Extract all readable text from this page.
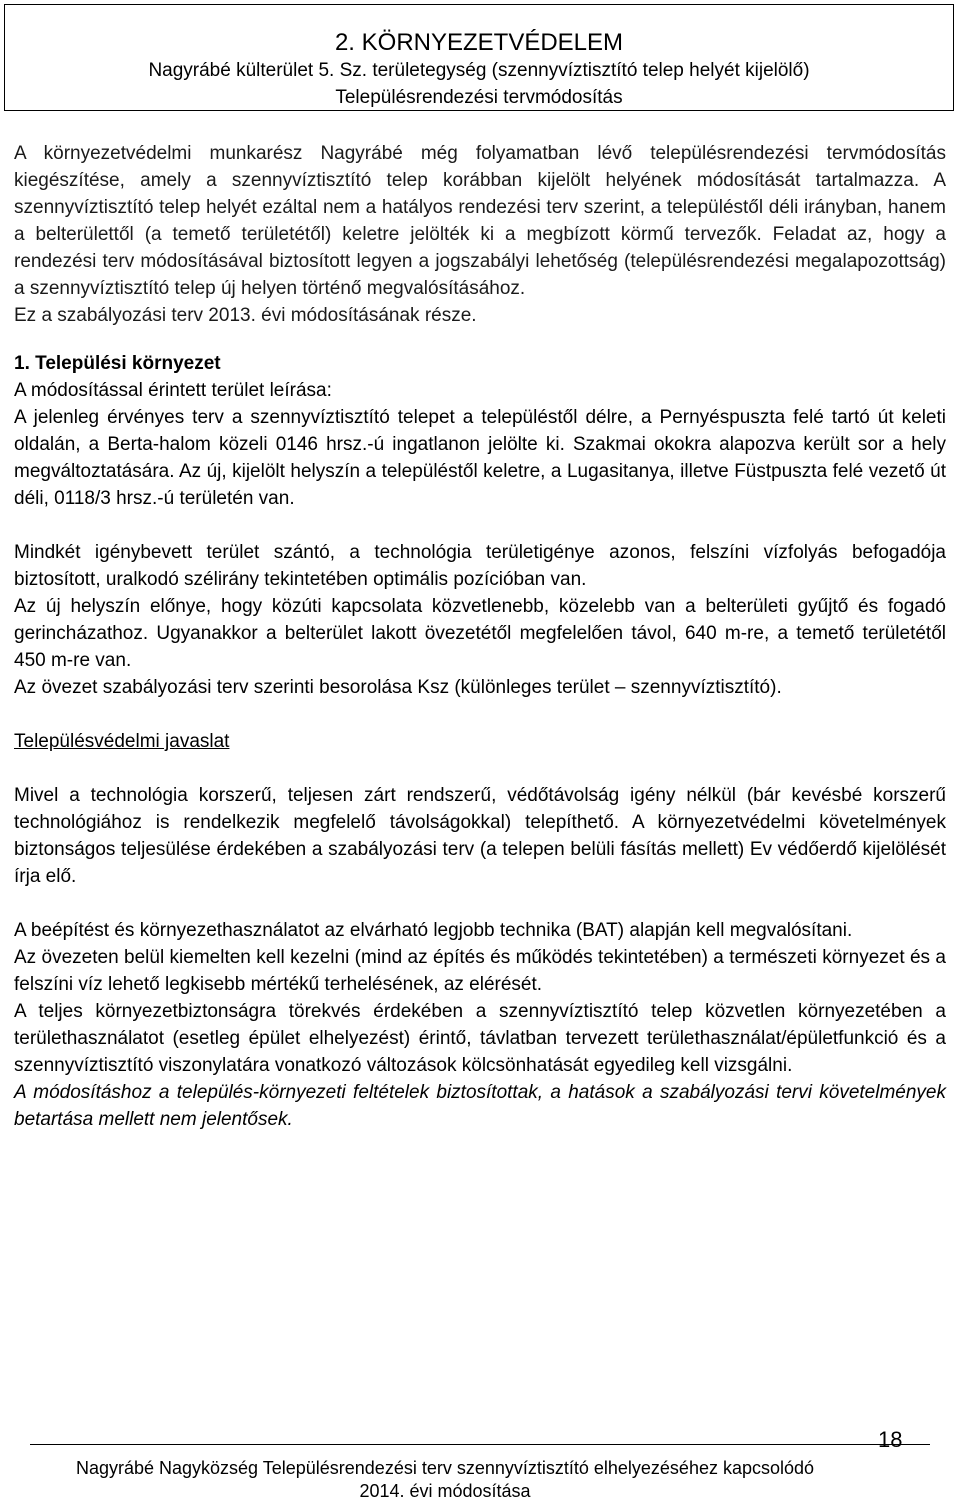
2. KÖRNYEZETVÉDELEM
Nagyrábé külterület 5. Sz. területegység (szennyvíztisztító telep helyét kijelölő)
Településrendezési tervmódosítás

A környezetvédelmi munkarész Nagyrábé még folyamatban lévő településrendezési tervmódosítás kiegészítése, amely a szennyvíztisztító telep korábban kijelölt helyének módosítását tartalmazza. A szennyvíztisztító telep helyét ezáltal nem a hatályos rendezési terv szerint, a településtől déli irányban, hanem a belterülettől (a temető területétől) keletre jelölték ki a megbízott körmű tervezők. Feladat az, hogy a rendezési terv módosításával biztosított legyen a jogszabályi lehetőség (településrendezési megalapozottság) a szennyvíztisztító telep új helyen történő megvalósításához.

Ez a szabályozási terv 2013. évi módosításának része.

1. Települési környezet

A módosítással érintett terület leírása:

A jelenleg érvényes terv a szennyvíztisztító telepet a településtől délre, a Pernyéspuszta felé tartó út keleti oldalán, a Berta-halom közeli 0146 hrsz.-ú ingatlanon jelölte ki. Szakmai okokra alapozva került sor a hely megváltoztatására. Az új, kijelölt helyszín a településtől keletre, a Lugasitanya, illetve Füstpuszta felé vezető út déli, 0118/3 hrsz.-ú területén van.

Mindkét igénybevett terület szántó, a technológia területigénye azonos, felszíni vízfolyás befogadója biztosított, uralkodó szélirány tekintetében optimális pozícióban van.

Az új helyszín előnye, hogy közúti kapcsolata közvetlenebb, közelebb van a belterületi gyűjtő és fogadó gerincházathoz. Ugyanakkor a belterület lakott övezetétől megfelelően távol, 640 m-re, a temető területétől 450 m-re van.

Az övezet szabályozási terv szerinti besorolása Ksz (különleges terület – szennyvíztisztító).

Településvédelmi javaslat

Mivel a technológia korszerű, teljesen zárt rendszerű, védőtávolság igény nélkül (bár kevésbé korszerű technológiához is rendelkezik megfelelő távolságokkal) telepíthető. A környezetvédelmi követelmények biztonságos teljesülése érdekében a szabályozási terv (a telepen belüli fásítás mellett) Ev védőerdő kijelölését írja elő.

A beépítést és környezethasználatot az elvárható legjobb technika (BAT) alapján kell megvalósítani.

Az övezeten belül kiemelten kell kezelni (mind az építés és működés tekintetében) a természeti környezet és a felszíni víz lehető legkisebb mértékű terhelésének, az elérését.

A teljes környezetbiztonságra törekvés érdekében a szennyvíztisztító telep közvetlen környezetében a területhasználatot (esetleg épület elhelyezést) érintő, távlatban tervezett területhasználat/épületfunkció és a szennyvíztisztító viszonylatára vonatkozó változások kölcsönhatását egyedileg kell vizsgálni.

A módosításhoz a település-környezeti feltételek biztosítottak, a hatások a szabályozási tervi követelmények betartása mellett nem jelentősek.

Nagyrábé Nagyközség Településrendezési terv szennyvíztisztító elhelyezéséhez kapcsolódó
2014. évi módosítása
18
